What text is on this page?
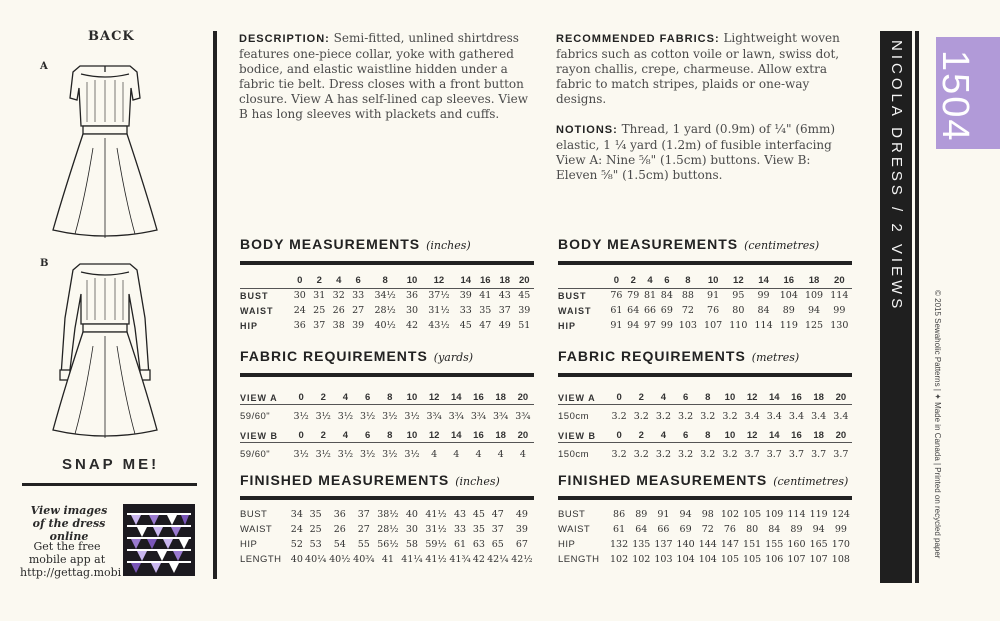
BACK
A
B
SNAP ME!
View images of the dress online
Get the free mobile app at http://gettag.mobi
DESCRIPTION: Semi-fitted, unlined shirtdress features one-piece collar, yoke with gathered bodice, and elastic waistline hidden under a fabric tie belt. Dress closes with a front button closure. View A has self-lined cap sleeves. View B has long sleeves with plackets and cuffs.
RECOMMENDED FABRICS: Lightweight woven fabrics such as cotton voile or lawn, swiss dot, rayon challis, crepe, charmeuse. Allow extra fabric to match stripes, plaids or one-way designs.
NOTIONS: Thread, 1 yard (0.9m) of ¼" (6mm) elastic, 1 ¼ yard (1.2m) of fusible interfacing View A: Nine ⅝" (1.5cm) buttons. View B: Eleven ⅝" (1.5cm) buttons.
BODY MEASUREMENTS (inches)	BODY MEASUREMENTS (centimetres)
	0	2	4	6	8	10	12	14	16	18	20
BUST	30	31	32	33	34½	36	37½	39	41	43	45
WAIST	24	25	26	27	28½	30	31½	33	35	37	39
HIP	36	37	38	39	40½	42	43½	45	47	49	51
	0	2	4	6	8	10	12	14	16	18	20
BUST	76	79	81	84	88	91	95	99	104	109	114
WAIST	61	64	66	69	72	76	80	84	89	94	99
HIP	91	94	97	99	103	107	110	114	119	125	130
FABRIC REQUIREMENTS (yards)	FABRIC REQUIREMENTS (metres)
VIEW A	0	2	4	6	8	10	12	14	16	18	20
59/60"	3½	3½	3½	3½	3½	3½	3¾	3¾	3¾	3¾	3¾
VIEW B	0	2	4	6	8	10	12	14	16	18	20
59/60"	3½	3½	3½	3½	3½	3½	4	4	4	4	4
VIEW A	0	2	4	6	8	10	12	14	16	18	20
150cm	3.2	3.2	3.2	3.2	3.2	3.2	3.4	3.4	3.4	3.4	3.4
VIEW B	0	2	4	6	8	10	12	14	16	18	20
150cm	3.2	3.2	3.2	3.2	3.2	3.2	3.7	3.7	3.7	3.7	3.7
FINISHED MEASUREMENTS (inches)	FINISHED MEASUREMENTS (centimetres)
BUST	34	35	36	37	38½	40	41½	43	45	47	49
WAIST	24	25	26	27	28½	30	31½	33	35	37	39
HIP	52	53	54	55	56½	58	59½	61	63	65	67
LENGTH	40	40¼	40½	40¾	41	41¼	41½	41¾	42	42¼	42½
BUST	86	89	91	94	98	102	105	109	114	119	124
WAIST	61	64	66	69	72	76	80	84	89	94	99
HIP	132	135	137	140	144	147	151	155	160	165	170
LENGTH	102	102	103	104	104	105	105	106	107	107	108
NICOLA DRESS / 2 VIEWS 1504
© 2015 Sewaholic Patterns | ✦ Made in Canada | Printed on recycled paper
